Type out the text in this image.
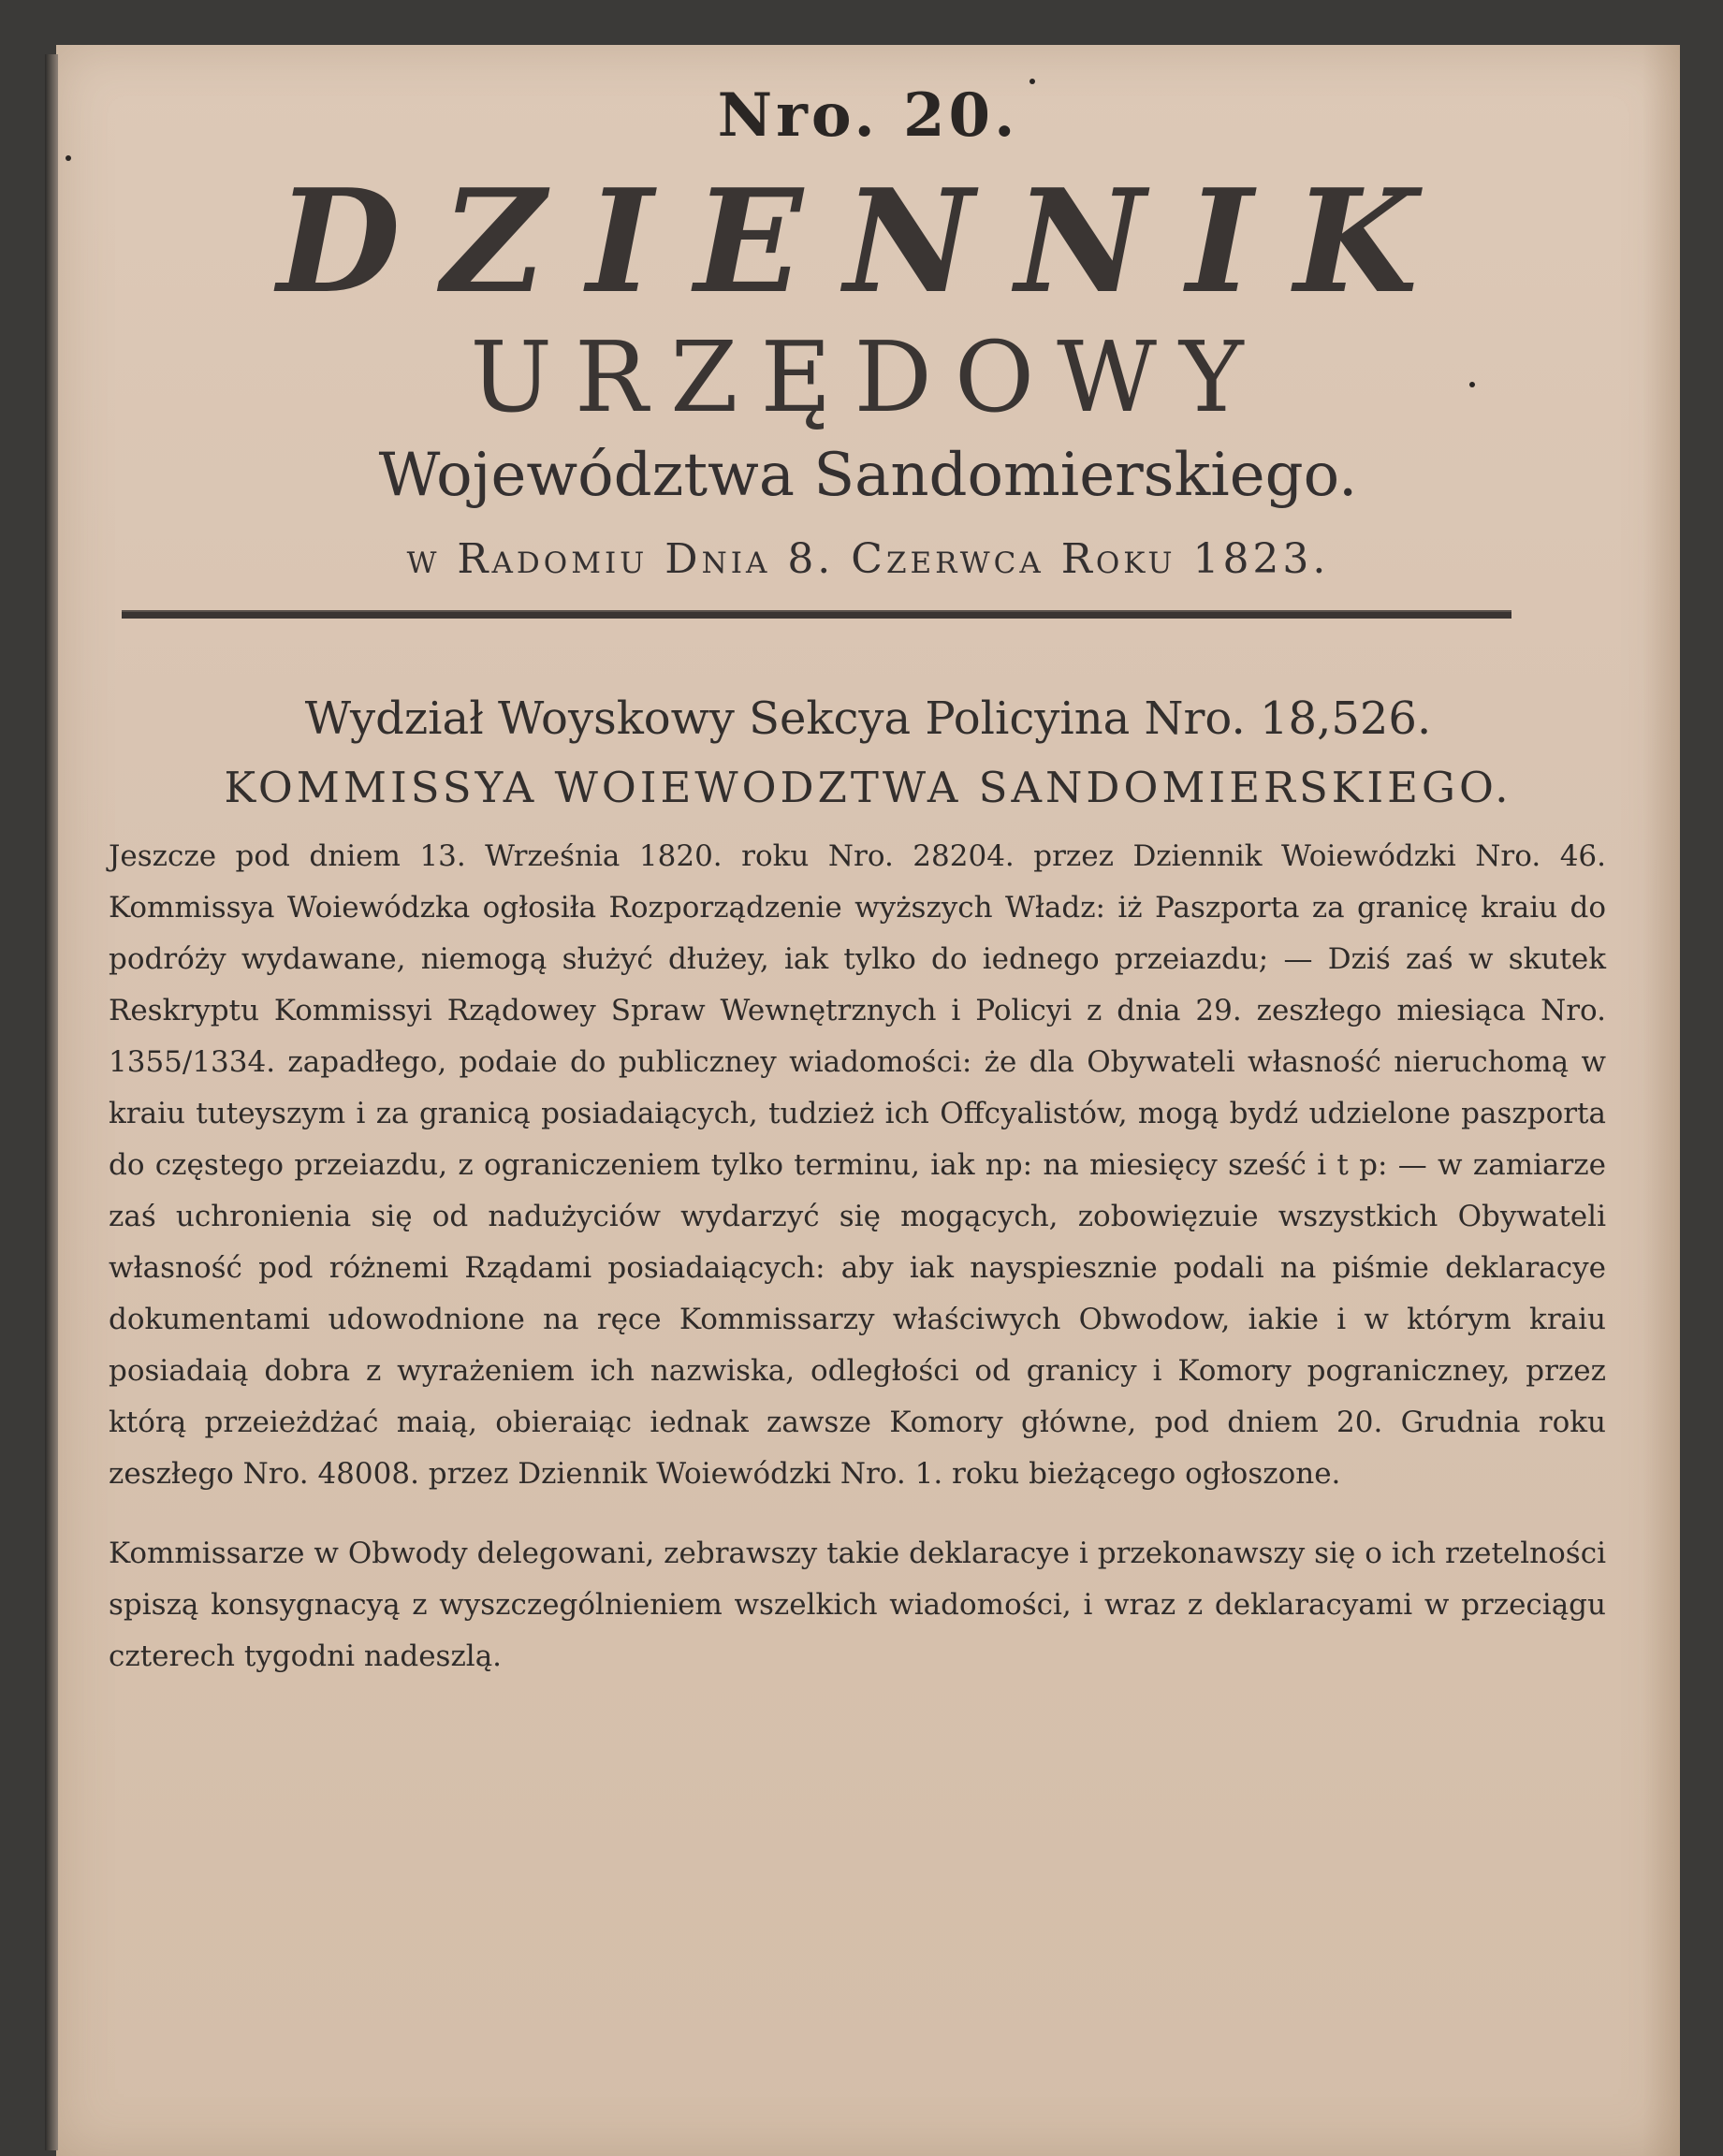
Nro. 20.
DZIENNIK
URZĘDOWY
Województwa Sandomierskiego.
w Radomiu Dnia 8. Czerwca Roku 1823.
Wydział Woyskowy Sekcya Policyina Nro. 18,526.
KOMMISSYA WOIEWODZTWA SANDOMIERSKIEGO.

Jeszcze pod dniem 13. Września 1820. roku Nro. 28204. przez Dziennik Woiewódzki Nro. 46. Kommissya Woiewódzka ogłosiła Rozporządzenie wyższych Władz: iż Paszporta za granicę kraiu do podróży wydawane, niemogą służyć dłużey, iak tylko do iednego przeiazdu; — Dziś zaś w skutek Reskryptu Kommissyi Rządowey Spraw Wewnętrznych i Policyi z dnia 29. zeszłego miesiąca Nro. 1355/1334. zapadłego, podaie do publiczney wiadomości: że dla Obywateli własność nieruchomą w kraiu tuteyszym i za granicą posiadaiących, tudzież ich Offcyalistów, mogą bydź udzielone paszporta do częstego przeiazdu, z ograniczeniem tylko terminu, iak np: na miesięcy sześć i t p: — w zamiarze zaś uchronienia się od nadużyciów wydarzyć się mogących, zobowięzuie wszystkich Obywateli własność pod różnemi Rządami posiadaiących: aby iak nayspiesznie podali na piśmie deklaracye dokumentami udowodnione na ręce Kommissarzy właściwych Obwodow, iakie i w którym kraiu posiadaią dobra z wyrażeniem ich nazwiska, odległości od granicy i Komory pograniczney, przez którą przeieżdżać maią, obieraiąc iednak zawsze Komory główne, pod dniem 20. Grudnia roku zeszłego Nro. 48008. przez Dziennik Woiewódzki Nro. 1. roku bieżącego ogłoszone.

Kommissarze w Obwody delegowani, zebrawszy takie deklaracye i przekonawszy się o ich rzetelności spiszą konsygnacyą z wyszczególnieniem wszelkich wiadomości, i wraz z deklaracyami w przeciągu czterech tygodni nadeszlą.
